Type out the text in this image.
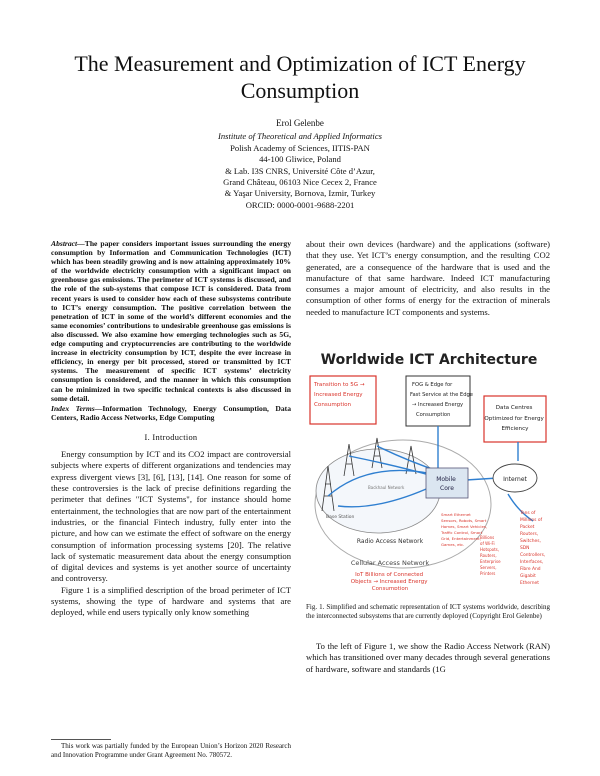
The Measurement and Optimization of ICT Energy
Consumption
Erol Gelenbe
Institute of Theoretical and Applied Informatics
Polish Academy of Sciences, IITIS-PAN
44-100 Gliwice, Poland
& Lab. I3S CNRS, Université Côte d’Azur,
Grand Château, 06103 Nice Cecex 2, France
& Yaşar University, Bornova, Izmir, Turkey
ORCID: 0000-0001-9688-2201
Abstract—The paper considers important issues surrounding the energy consumption by Information and Communication Technologies (ICT) which has been steadily growing and is now attaining approximately 10% of the worldwide electricity consumption with a significant impact on greenhouse gas emissions. The perimeter of ICT systems is discussed, and the role of the sub-systems that compose ICT is considered. Data from recent years is used to consider how each of these subsystems contribute to ICT’s energy consumption. The positive correlation between the penetration of ICT in some of the world’s different economies and the same economies’ contributions to undesirable greenhouse gas emissions is also discussed. We also examine how emerging technologies such as 5G, edge computing and cryptocurrencies are contributing to the worldwide increase in electricity consumption by ICT, despite the ever increase in efficiency, in energy per bit processed, stored or transmitted by ICT systems. The measurement of specific ICT systems’ electricity consumption is considered, and the manner in which this consumption can be minimized in two specific technical contexts is also discussed in some detail.
Index Terms—Information Technology, Energy Consumption, Data Centers, Radio Access Networks, Edge Computing
I. Introduction

Energy consumption by ICT and its CO2 impact are controversial subjects where experts of different organizations and tendencies may express divergent views [3], [6], [13], [14]. One reason for some of these controversies is the lack of precise definitions regarding the perimeter that defines "ICT Systems", for instance should home entertainment, the technologies that are now part of the entertainment industries, or the financial Fintech industry, fully enter into the picture, and how can we estimate the effect of software on the energy consumption of information processing systems [20]. The relative lack of systematic measurement data about the energy consumption of digital devices and systems is yet another source of uncertainty and controversy.

Figure 1 is a simplified description of the broad perimeter of ICT systems, showing the type of hardware and systems that are deployed, while end users typically only know something

This work was partially funded by the European Union’s Horizon 2020 Research and Innovation Programme under Grant Agreement No. 780572.

about their own devices (hardware) and the applications (software) that they use. Yet ICT’s energy consumption, and the resulting CO2 generated, are a consequence of the hardware that is used and the manufacture of that same hardware. Indeed ICT manufacturing consumes a major amount of electricity, and also results in the consumption of other forms of energy for the extraction of minerals needed to manufacture ICT components and systems.

Worldwide ICT Architecture
Cellular Access Network
Transition to 5G → Increased Energy Consumption
FOG & Edge for Fast Service at the Edge → Increased Energy Consumption
Data Centres Optimized for Energy Efficiency
Radio Access Network
Base Station
Backhaul Network
Mobile Core
Internet
Smart Ethernet Sensors, Robots, Smart Homes, Smart Vehicles, Traffic Control, Smart Grid, Entertainment, Games, etc.
Billions of Wi-Fi Hotspots, Routers, Enterprise Servers, Printers
Tens of Millions of Packet Routers, Switches, SDN Controllers, Interfaces, Fibre And Gigabit Ethernet
IoT Billions of Connected Objects → Increased Energy Consumption
Fig. 1. Simplified and schematic representation of ICT systems worldwide, describing the interconnected subsystems that are currently deployed (Copyright Erol Gelenbe)

To the left of Figure 1, we show the Radio Access Network (RAN) which has transitioned over many decades through several generations of hardware, software and standards (1G
